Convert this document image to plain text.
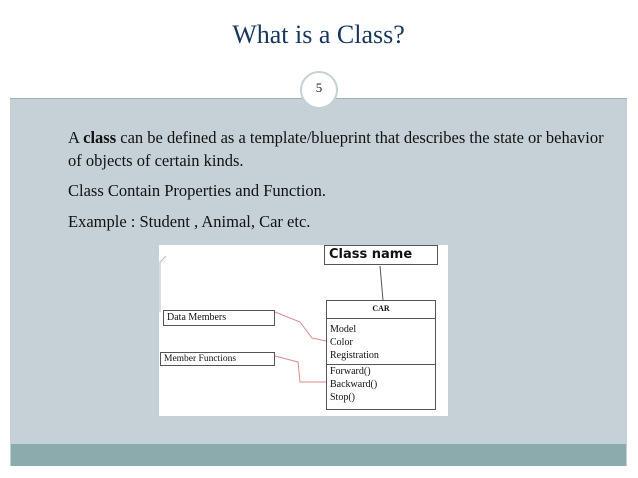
What is a Class?
5
A class can be defined as a template/blueprint that describes the state or behavior of objects of certain kinds.
Class Contain Properties and Function.
Example : Student , Animal, Car etc.
Class name
CAR
Model
Color
Registration
Forward()
Backward()
Stop()
Data Members
Member Functions
